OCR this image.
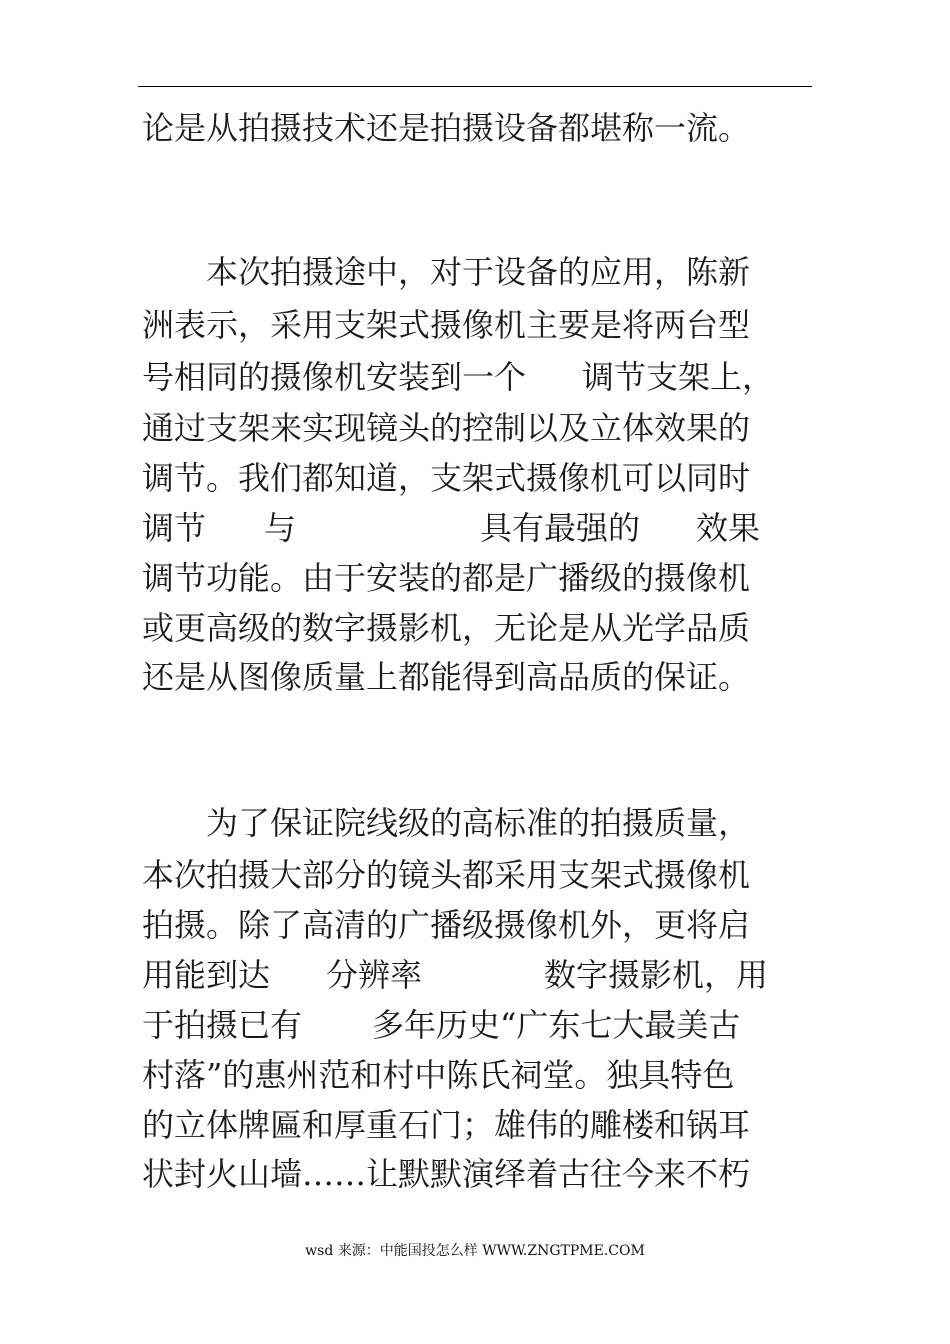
论是从拍摄技术还是拍摄设备都堪称一流。
本次拍摄途中，对于设备的应用，陈新
洲表示，采用支架式摄像机主要是将两台型
号相同的摄像机安装到一个 调节支架上，
通过支架来实现镜头的控制以及立体效果的
调节。我们都知道，支架式摄像机可以同时
调节 与	具有最强的 效果
调节功能。由于安装的都是广播级的摄像机
或更高级的数字摄影机，无论是从光学品质
还是从图像质量上都能得到高品质的保证。
为了保证院线级的高标准的拍摄质量，
本次拍摄大部分的镜头都采用支架式摄像机
拍摄。除了高清的广播级摄像机外，更将启
用能到达 分辨率	数字摄影机，用
于拍摄已有 多年历史“广东七大最美古
村落”的惠州范和村中陈氏祠堂。独具特色
的立体牌匾和厚重石门；雄伟的雕楼和锅耳
状封火山墙……让默默演绎着古往今来不朽
wsd 来源：中能国投怎么样 WWW.ZNGTPME.COM
